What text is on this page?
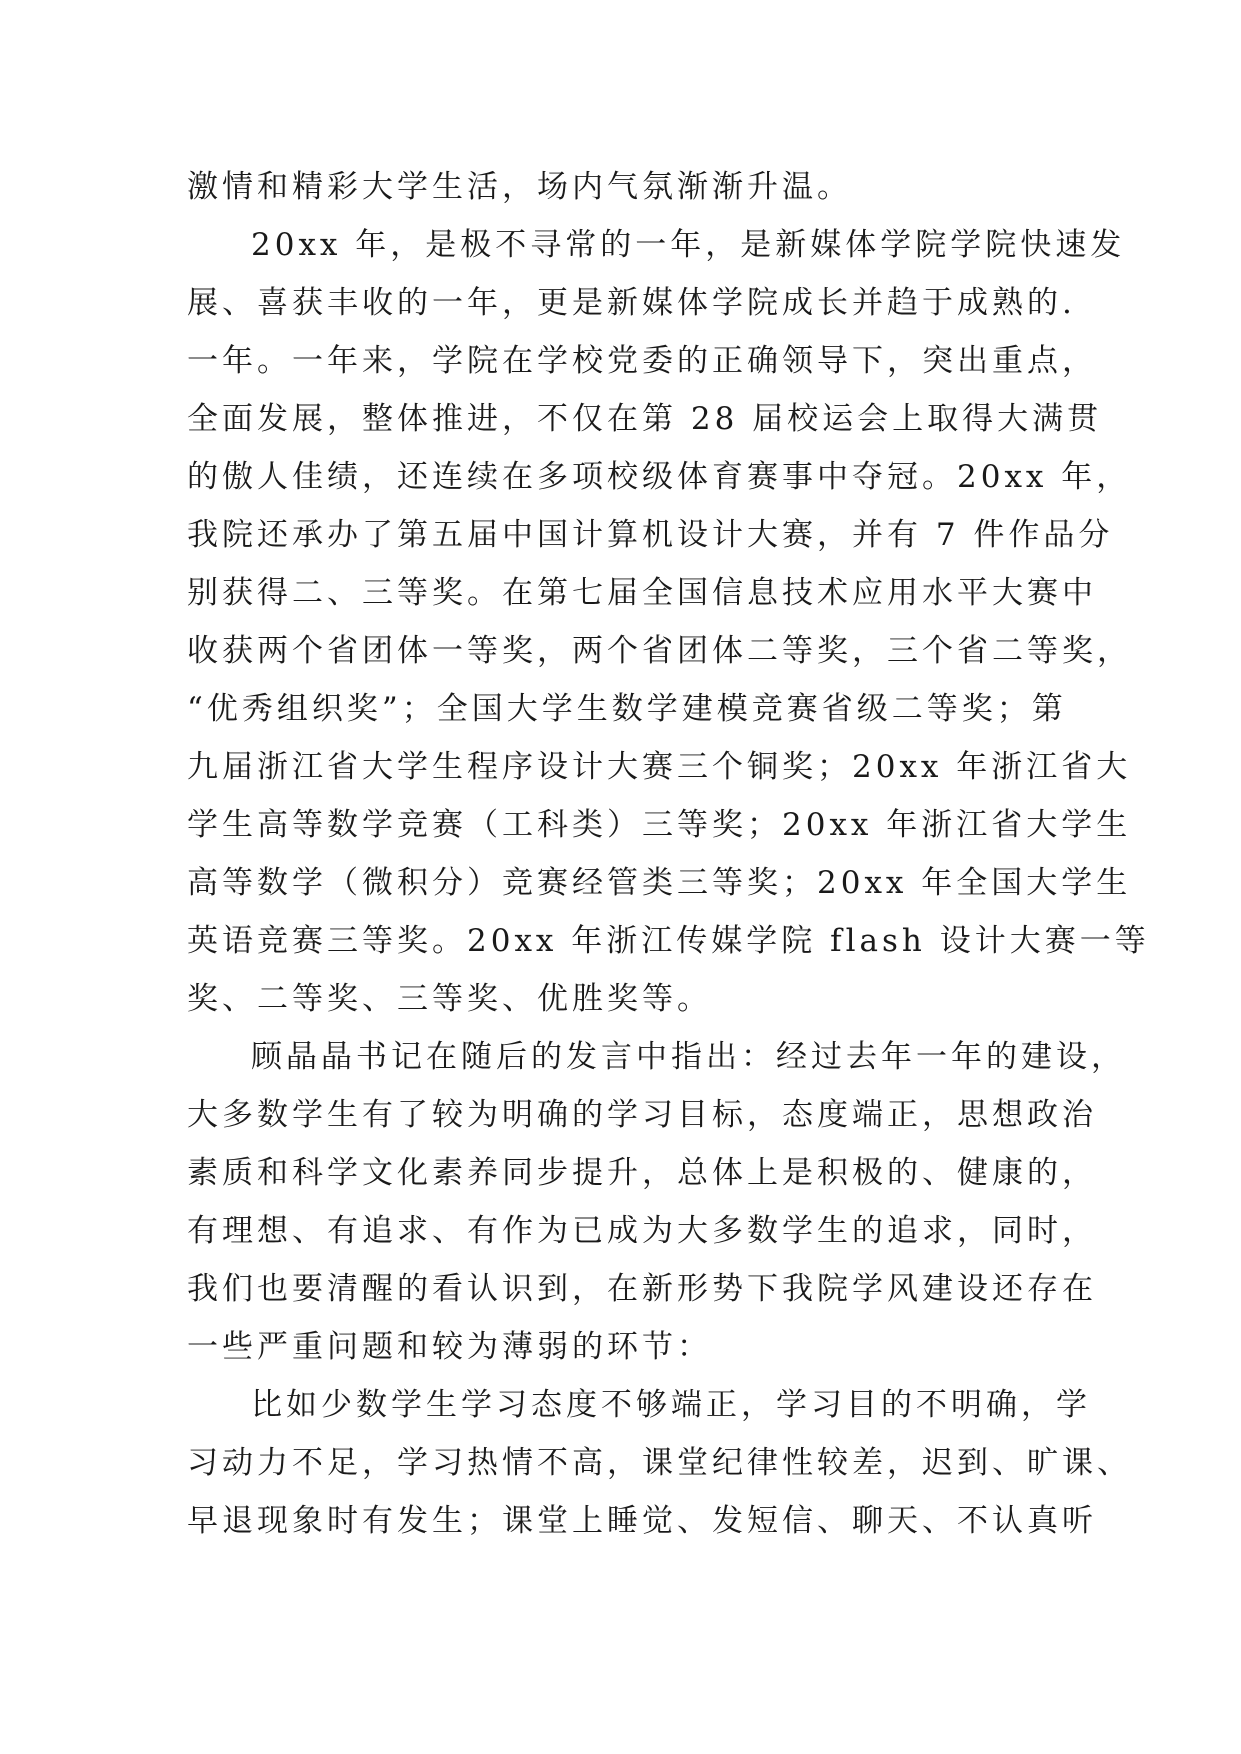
激情和精彩大学生活，场内气氛渐渐升温。
20xx 年，是极不寻常的一年，是新媒体学院学院快速发
展、喜获丰收的一年，更是新媒体学院成长并趋于成熟的.
一年。一年来，学院在学校党委的正确领导下，突出重点，
全面发展，整体推进，不仅在第 28 届校运会上取得大满贯
的傲人佳绩，还连续在多项校级体育赛事中夺冠。20xx 年，
我院还承办了第五届中国计算机设计大赛，并有 7 件作品分
别获得二、三等奖。在第七届全国信息技术应用水平大赛中
收获两个省团体一等奖，两个省团体二等奖，三个省二等奖，
“优秀组织奖”；全国大学生数学建模竞赛省级二等奖；第
九届浙江省大学生程序设计大赛三个铜奖；20xx 年浙江省大
学生高等数学竞赛（工科类）三等奖；20xx 年浙江省大学生
高等数学（微积分）竞赛经管类三等奖；20xx 年全国大学生
英语竞赛三等奖。20xx 年浙江传媒学院 flash 设计大赛一等
奖、二等奖、三等奖、优胜奖等。
顾晶晶书记在随后的发言中指出：经过去年一年的建设，
大多数学生有了较为明确的学习目标，态度端正，思想政治
素质和科学文化素养同步提升，总体上是积极的、健康的，
有理想、有追求、有作为已成为大多数学生的追求，同时，
我们也要清醒的看认识到，在新形势下我院学风建设还存在
一些严重问题和较为薄弱的环节：
比如少数学生学习态度不够端正，学习目的不明确，学
习动力不足，学习热情不高，课堂纪律性较差，迟到、旷课、
早退现象时有发生；课堂上睡觉、发短信、聊天、不认真听
